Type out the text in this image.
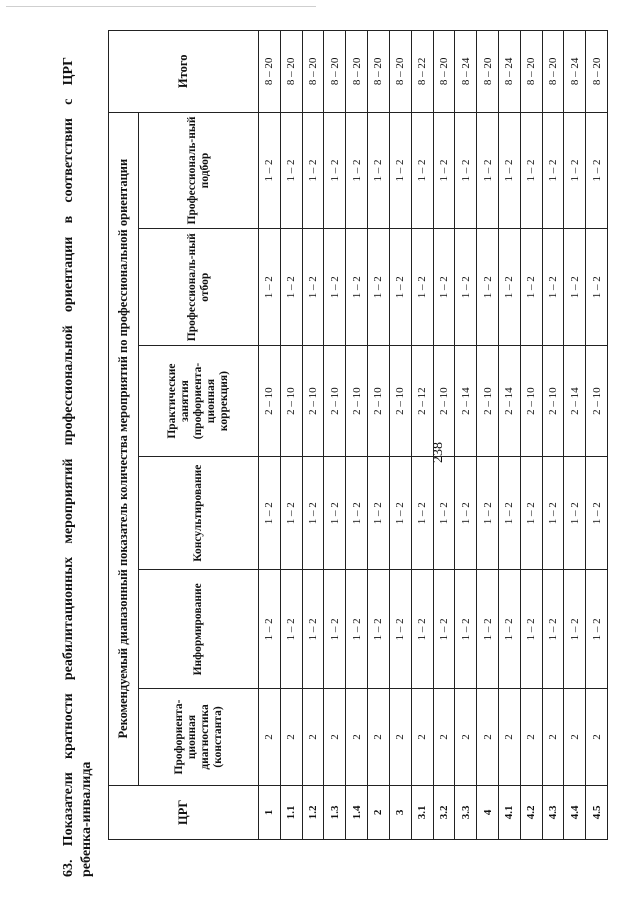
238
63. Показатели кратности реабилитационных мероприятий профессиональной ориентации в соответствии с ЦРГ ребенка-инвалида	ЦРГ	Рекомендуемый диапазонный показатель количества мероприятий по профессиональной ориентации						Итого
	Профориента-ционная диагностика (константа)	Информирование	Консультирование	Практические занятия (профориента-ционная коррекция)	Профессиональ-ный отбор	Профессиональ-ный подбор	
1	2	1 – 2	1 – 2	2 – 10	1 – 2	1 – 2	8 – 20
1.1	2	1 – 2	1 – 2	2 – 10	1 – 2	1 – 2	8 – 20
1.2	2	1 – 2	1 – 2	2 – 10	1 – 2	1 – 2	8 – 20
1.3	2	1 – 2	1 – 2	2 – 10	1 – 2	1 – 2	8 – 20
1.4	2	1 – 2	1 – 2	2 – 10	1 – 2	1 – 2	8 – 20
2	2	1 – 2	1 – 2	2 – 10	1 – 2	1 – 2	8 – 20
3	2	1 – 2	1 – 2	2 – 10	1 – 2	1 – 2	8 – 20
3.1	2	1 – 2	1 – 2	2 – 12	1 – 2	1 – 2	8 – 22
3.2	2	1 – 2	1 – 2	2 – 10	1 – 2	1 – 2	8 – 20
3.3	2	1 – 2	1 – 2	2 – 14	1 – 2	1 – 2	8 – 24
4	2	1 – 2	1 – 2	2 – 10	1 – 2	1 – 2	8 – 20
4.1	2	1 – 2	1 – 2	2 – 14	1 – 2	1 – 2	8 – 24
4.2	2	1 – 2	1 – 2	2 – 10	1 – 2	1 – 2	8 – 20
4.3	2	1 – 2	1 – 2	2 – 10	1 – 2	1 – 2	8 – 20
4.4	2	1 – 2	1 – 2	2 – 14	1 – 2	1 – 2	8 – 24
4.5	2	1 – 2	1 – 2	2 – 10	1 – 2	1 – 2	8 – 20
